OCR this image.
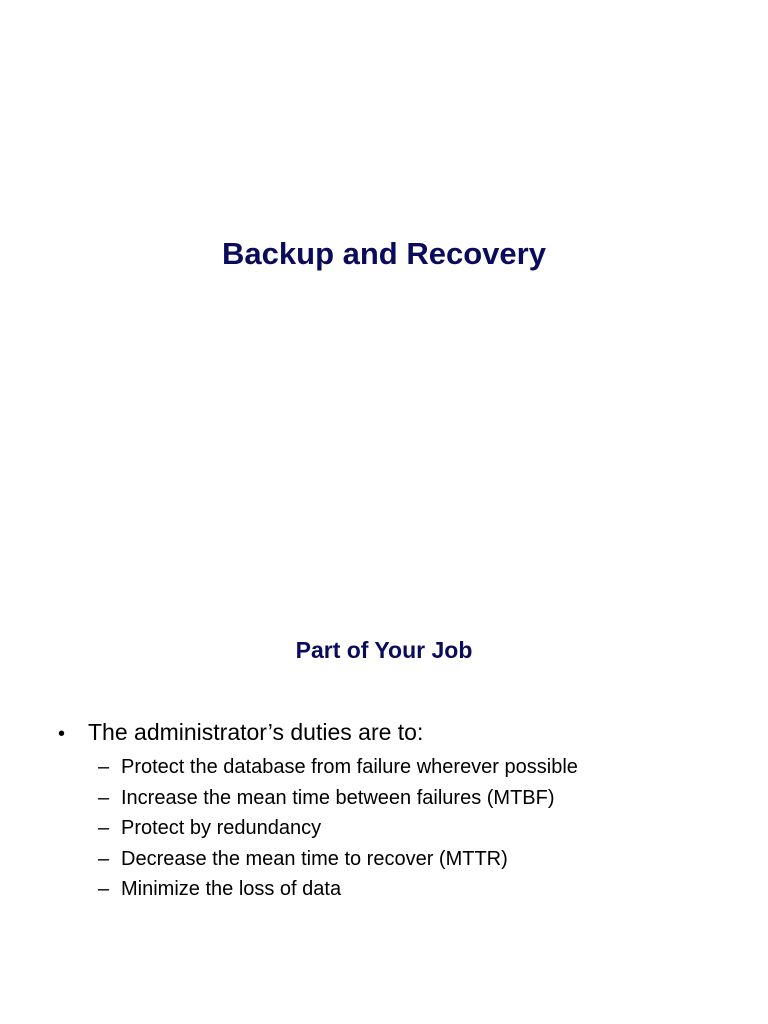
Backup and Recovery
Part of Your Job
• The administrator’s duties are to:
– Protect the database from failure wherever possible
– Increase the mean time between failures (MTBF)
– Protect by redundancy
– Decrease the mean time to recover (MTTR)
– Minimize the loss of data
